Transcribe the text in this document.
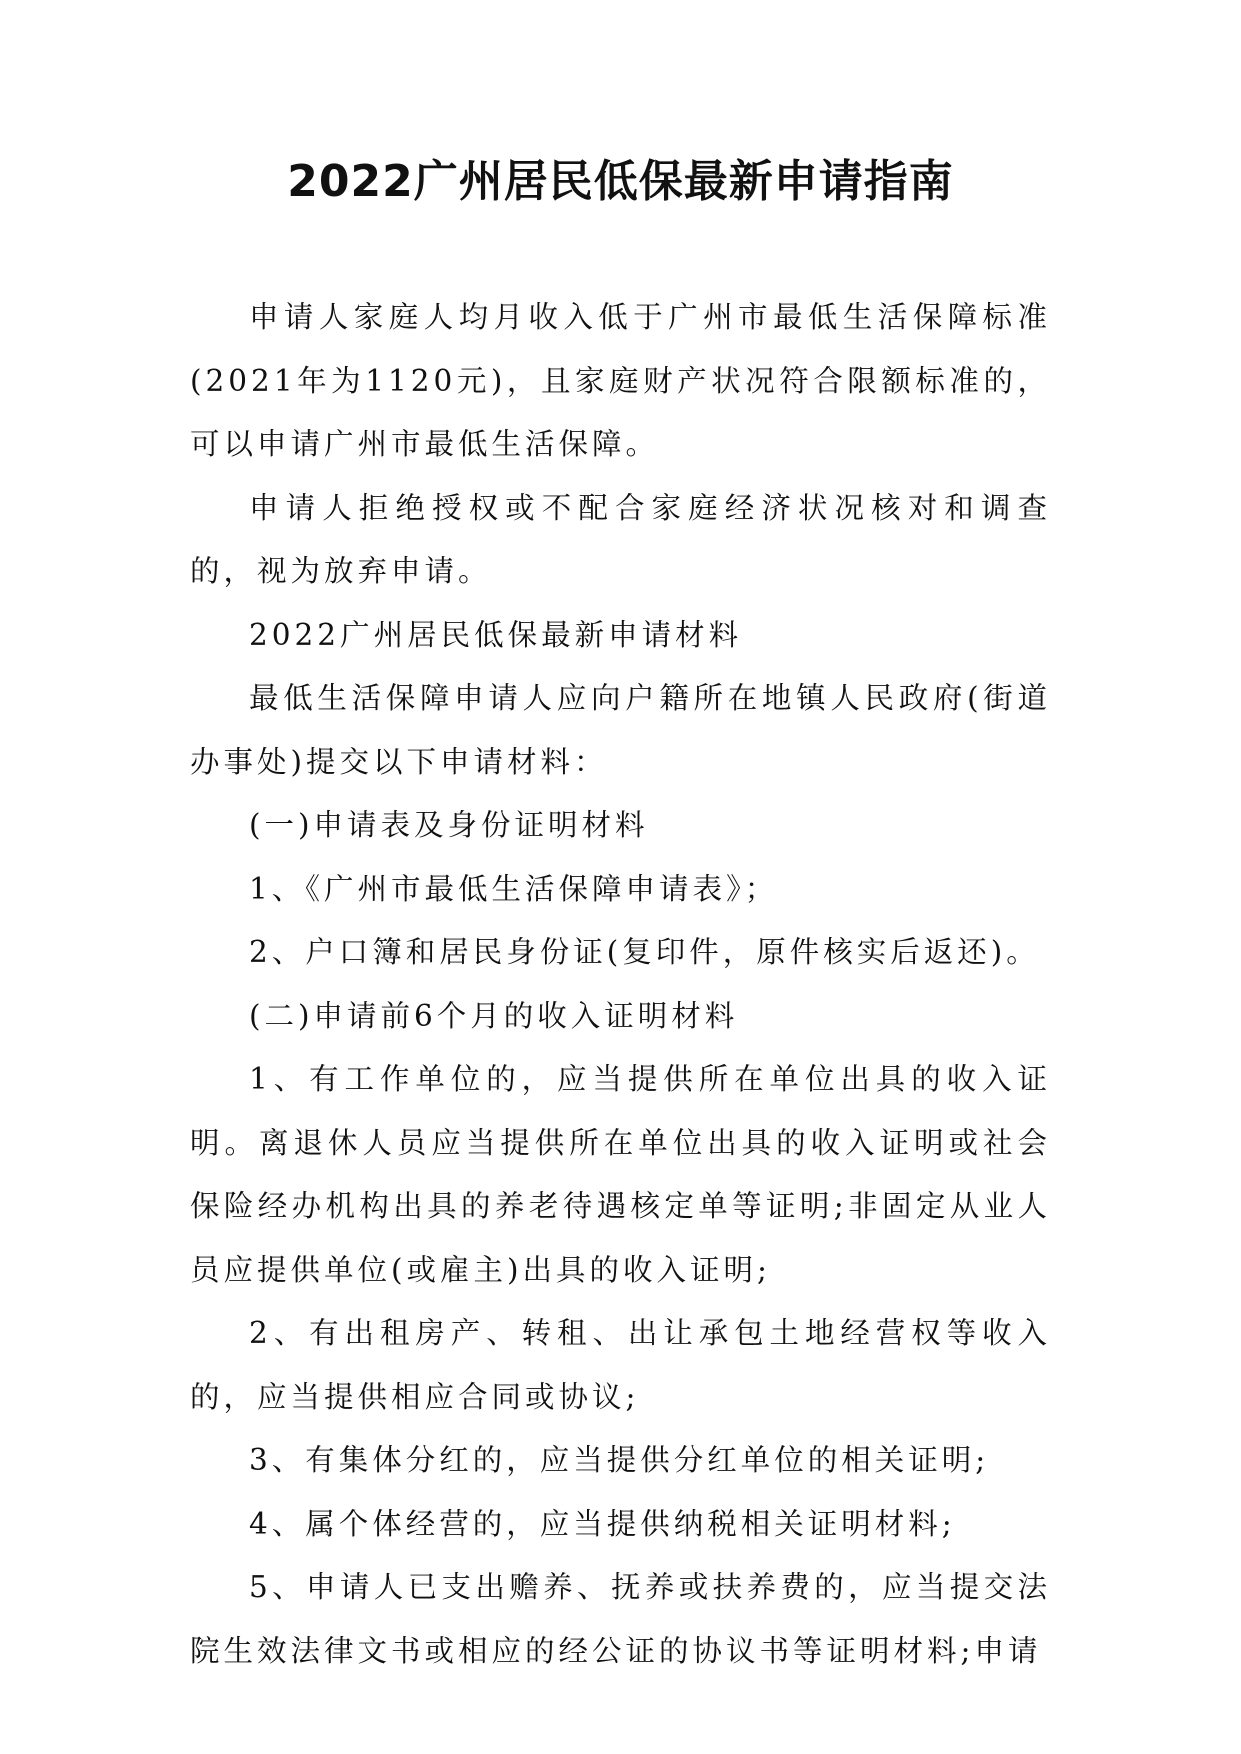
2022广州居民低保最新申请指南

申请人家庭人均月收入低于广州市最低生活保障标准(2021年为1120元)，且家庭财产状况符合限额标准的，可以申请广州市最低生活保障。

申请人拒绝授权或不配合家庭经济状况核对和调查的，视为放弃申请。

2022广州居民低保最新申请材料

最低生活保障申请人应向户籍所在地镇人民政府(街道办事处)提交以下申请材料：

(一)申请表及身份证明材料

1、《广州市最低生活保障申请表》；

2、户口簿和居民身份证(复印件，原件核实后返还)。

(二)申请前6个月的收入证明材料

1、有工作单位的，应当提供所在单位出具的收入证明。离退休人员应当提供所在单位出具的收入证明或社会保险经办机构出具的养老待遇核定单等证明;非固定从业人员应提供单位(或雇主)出具的收入证明;

2、有出租房产、转租、出让承包土地经营权等收入的，应当提供相应合同或协议;

3、有集体分红的，应当提供分红单位的相关证明;

4、属个体经营的，应当提供纳税相关证明材料;

5、申请人已支出赡养、抚养或扶养费的，应当提交法院生效法律文书或相应的经公证的协议书等证明材料;申请
